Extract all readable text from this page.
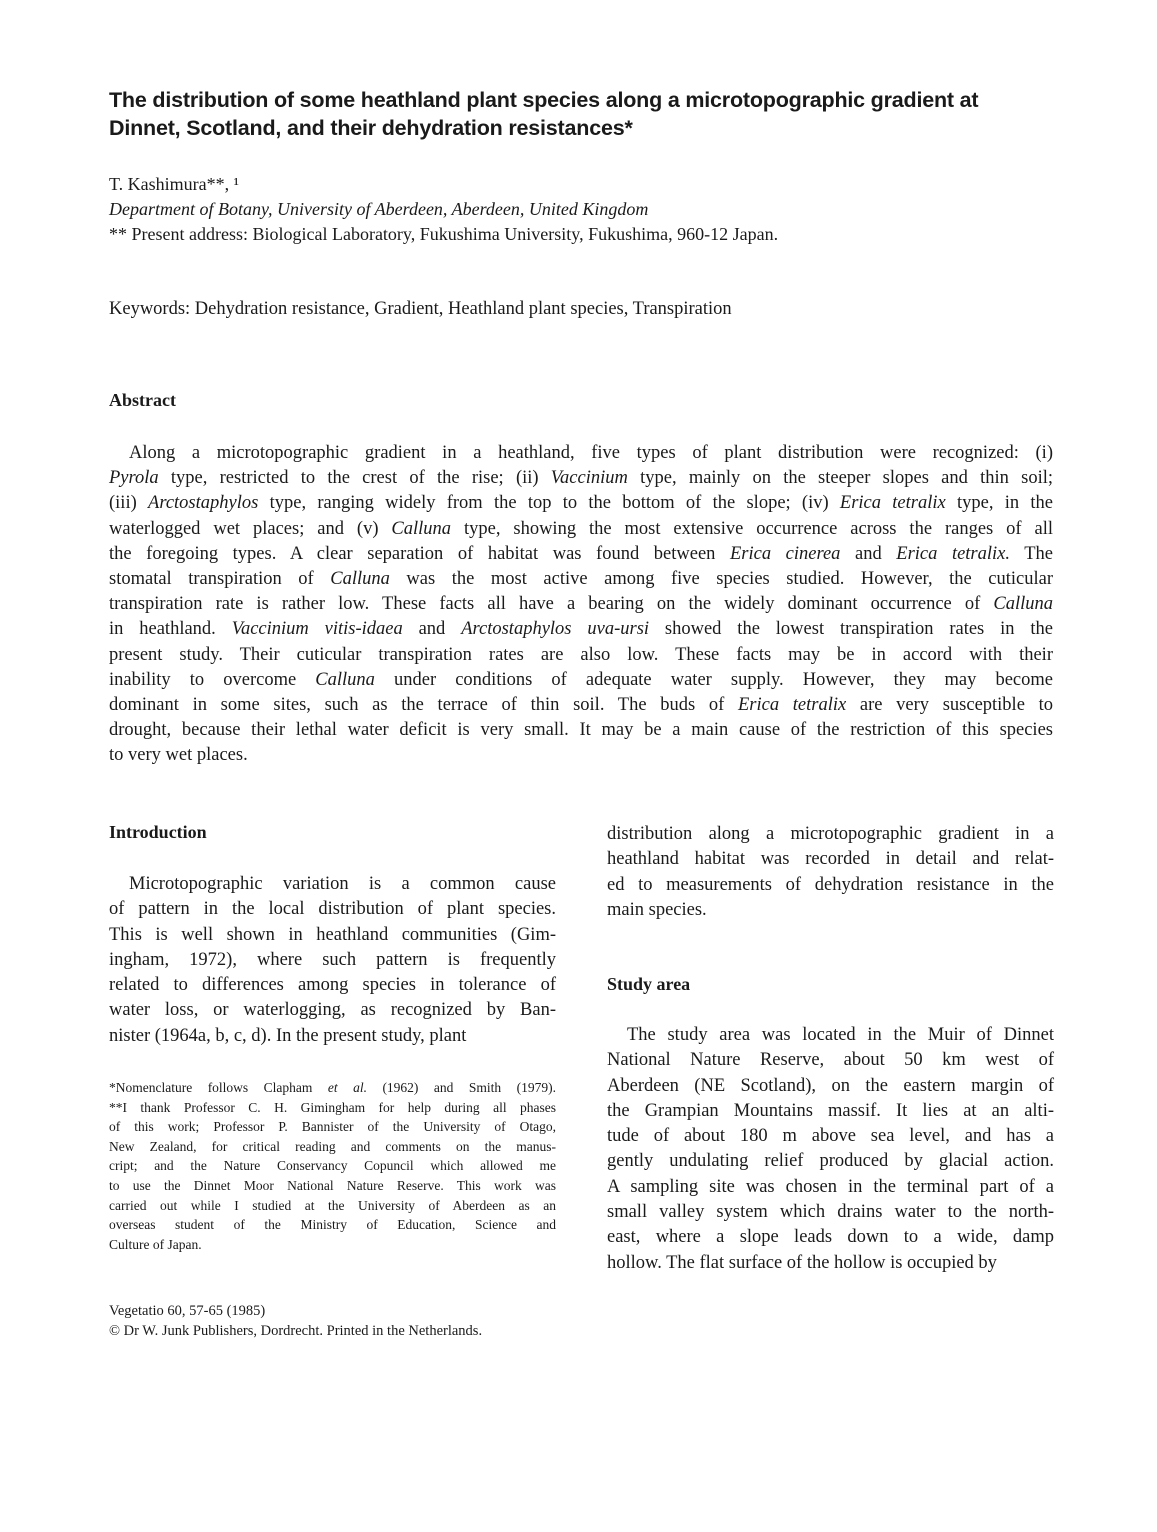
The distribution of some heathland plant species along a microtopographic gradient at
Dinnet, Scotland, and their dehydration resistances*
T. Kashimura**, ¹
Department of Botany, University of Aberdeen, Aberdeen, United Kingdom
** Present address: Biological Laboratory, Fukushima University, Fukushima, 960-12 Japan.
Keywords: Dehydration resistance, Gradient, Heathland plant species, Transpiration
Abstract
Along a microtopographic gradient in a heathland, five types of plant distribution were recognized: (i)
Pyrola type, restricted to the crest of the rise; (ii) Vaccinium type, mainly on the steeper slopes and thin soil;
(iii) Arctostaphylos type, ranging widely from the top to the bottom of the slope; (iv) Erica tetralix type, in the
waterlogged wet places; and (v) Calluna type, showing the most extensive occurrence across the ranges of all
the foregoing types. A clear separation of habitat was found between Erica cinerea and Erica tetralix. The
stomatal transpiration of Calluna was the most active among five species studied. However, the cuticular
transpiration rate is rather low. These facts all have a bearing on the widely dominant occurrence of Calluna
in heathland. Vaccinium vitis-idaea and Arctostaphylos uva-ursi showed the lowest transpiration rates in the
present study. Their cuticular transpiration rates are also low. These facts may be in accord with their
inability to overcome Calluna under conditions of adequate water supply. However, they may become
dominant in some sites, such as the terrace of thin soil. The buds of Erica tetralix are very susceptible to
drought, because their lethal water deficit is very small. It may be a main cause of the restriction of this species
to very wet places.
Introduction
Microtopographic variation is a common cause
of pattern in the local distribution of plant species.
This is well shown in heathland communities (Gim-
ingham, 1972), where such pattern is frequently
related to differences among species in tolerance of
water loss, or waterlogging, as recognized by Ban-
nister (1964a, b, c, d). In the present study, plant
*Nomenclature follows Clapham et al. (1962) and Smith (1979).
**I thank Professor C. H. Gimingham for help during all phases
of this work; Professor P. Bannister of the University of Otago,
New Zealand, for critical reading and comments on the manus-
cript; and the Nature Conservancy Copuncil which allowed me
to use the Dinnet Moor National Nature Reserve. This work was
carried out while I studied at the University of Aberdeen as an
overseas student of the Ministry of Education, Science and
Culture of Japan.
Vegetatio 60, 57-65 (1985)
© Dr W. Junk Publishers, Dordrecht. Printed in the Netherlands.
distribution along a microtopographic gradient in a
heathland habitat was recorded in detail and relat-
ed to measurements of dehydration resistance in the
main species.
Study area
The study area was located in the Muir of Dinnet
National Nature Reserve, about 50 km west of
Aberdeen (NE Scotland), on the eastern margin of
the Grampian Mountains massif. It lies at an alti-
tude of about 180 m above sea level, and has a
gently undulating relief produced by glacial action.
A sampling site was chosen in the terminal part of a
small valley system which drains water to the north-
east, where a slope leads down to a wide, damp
hollow. The flat surface of the hollow is occupied by
